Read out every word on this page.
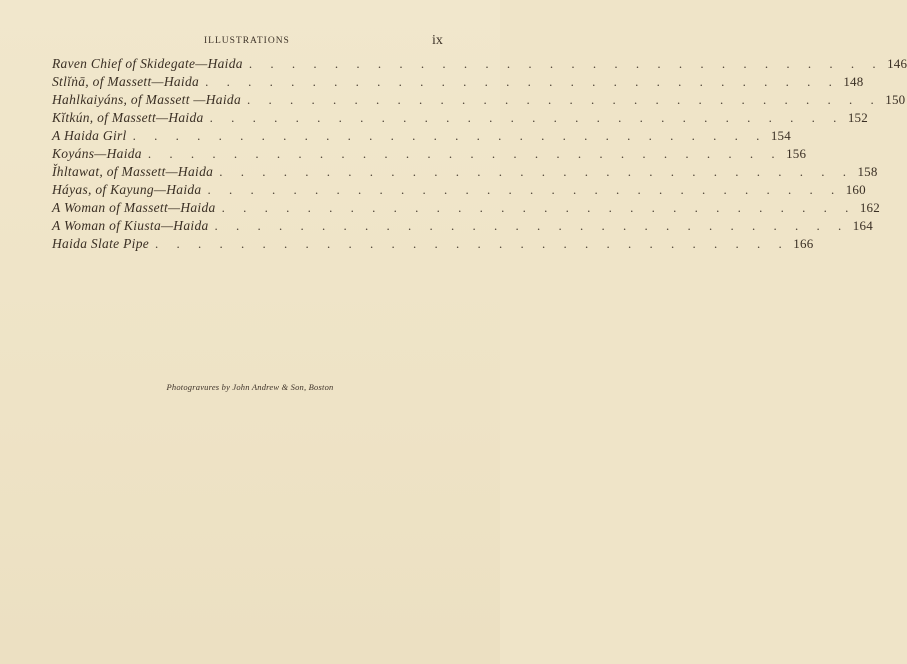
ILLUSTRATIONS	ix
Raven Chief of Skidegate—Haida . . . . . . . . . . . . . . . . . . . . . . . . . . . . . . 146
Stlĭṅā, of Massett—Haida . . . . . . . . . . . . . . . . . . . . . . . . . . . . . . 148
Hahlkaiyáns, of Massett —Haida . . . . . . . . . . . . . . . . . . . . . . . . . . . . . . 150
Kĭtkún, of Massett—Haida . . . . . . . . . . . . . . . . . . . . . . . . . . . . . . 152
A Haida Girl . . . . . . . . . . . . . . . . . . . . . . . . . . . . . . 154
Koyáns—Haida . . . . . . . . . . . . . . . . . . . . . . . . . . . . . . 156
Ǐhltawat, of Massett—Haida . . . . . . . . . . . . . . . . . . . . . . . . . . . . . . 158
Háyas, of Kayung—Haida . . . . . . . . . . . . . . . . . . . . . . . . . . . . . . 160
A Woman of Massett—Haida . . . . . . . . . . . . . . . . . . . . . . . . . . . . . . 162
A Woman of Kiusta—Haida . . . . . . . . . . . . . . . . . . . . . . . . . . . . . . 164
Haida Slate Pipe . . . . . . . . . . . . . . . . . . . . . . . . . . . . . . 166
Photogravures by John Andrew & Son, Boston
